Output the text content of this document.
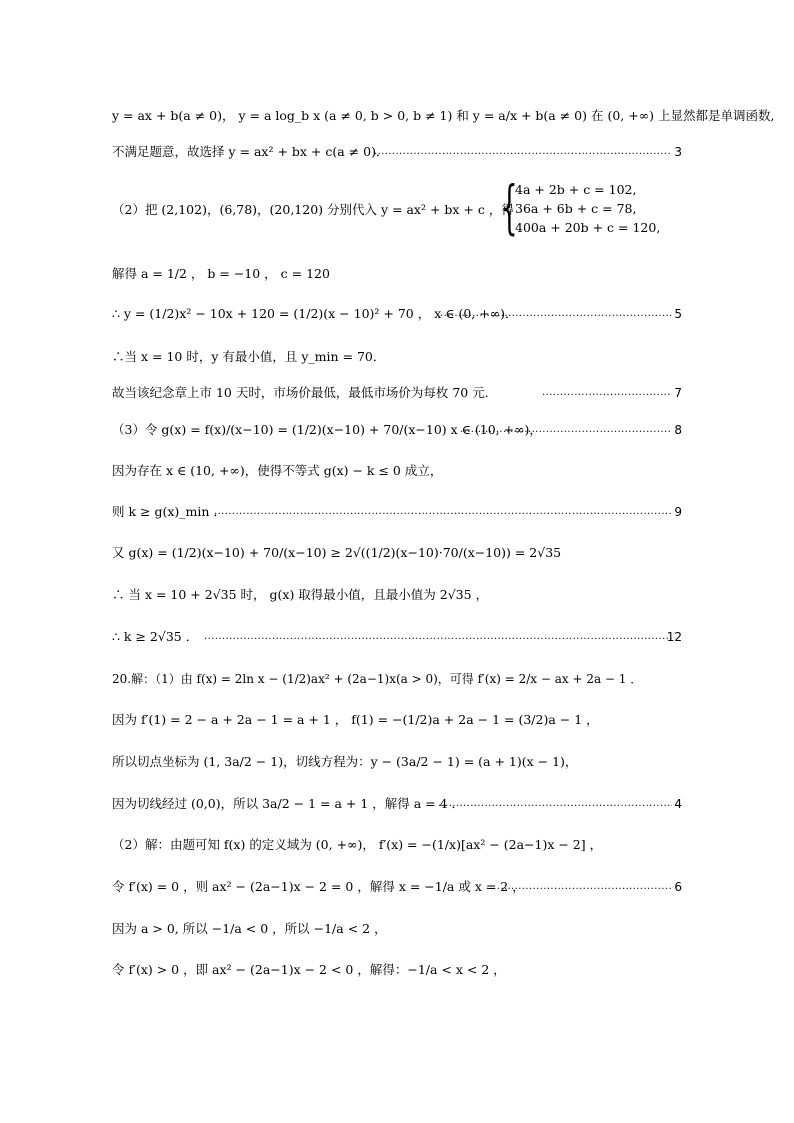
y = ax + b(a ≠ 0)， y = a log_b x (a ≠ 0, b > 0, b ≠ 1) 和 y = a/x + b(a ≠ 0) 在 (0, +∞) 上显然都是单调函数,
不满足题意，故选择 y = ax² + bx + c(a ≠ 0)． .....	3
（2）把 (2,102)，(6,78)，(20,120) 分别代入 y = ax² + bx + c ，得
{
4a + 2b + c = 102,
36a + 6b + c = 78,
400a + 20b + c = 120,
解得 a = 1/2 ， b = −10 ， c = 120
∴ y = (1/2)x² − 10x + 120 = (1/2)(x − 10)² + 70 ， x ∈ (0, +∞)． .....	5
∴当 x = 10 时，y 有最小值，且 y_min = 70．
故当该纪念章上市 10 天时，市场价最低，最低市场价为每枚 70 元． .....	7
（3）令 g(x) = f(x)/(x−10) = (1/2)(x−10) + 70/(x−10) x ∈ (10, +∞)， .....	8
因为存在 x ∈ (10, +∞)，使得不等式 g(x) − k ≤ 0 成立，
则 k ≥ g(x)_min ． .....	9
又 g(x) = (1/2)(x−10) + 70/(x−10) ≥ 2√((1/2)(x−10)·70/(x−10)) = 2√35
∴ 当 x = 10 + 2√35 时， g(x) 取得最小值，且最小值为 2√35 ，
∴ k ≥ 2√35 ． .....	12
20.解：（1）由 f(x) = 2ln x − (1/2)ax² + (2a−1)x(a > 0)，可得 f′(x) = 2/x − ax + 2a − 1 ．
因为 f′(1) = 2 − a + 2a − 1 = a + 1 ， f(1) = −(1/2)a + 2a − 1 = (3/2)a − 1 ，
所以切点坐标为 (1, 3a/2 − 1)，切线方程为：y − (3a/2 − 1) = (a + 1)(x − 1)，
因为切线经过 (0,0)，所以 3a/2 − 1 = a + 1 ，解得 a = 4 ． .....	4
（2）解：由题可知 f(x) 的定义域为 (0, +∞)， f′(x) = −(1/x)[ax² − (2a−1)x − 2] ，
令 f′(x) = 0 ，则 ax² − (2a−1)x − 2 = 0 ，解得 x = −1/a 或 x = 2 ， .....	6
因为 a > 0, 所以 −1/a < 0 ，所以 −1/a < 2 ，
令 f′(x) > 0 ，即 ax² − (2a−1)x − 2 < 0 ，解得：−1/a < x < 2 ，
